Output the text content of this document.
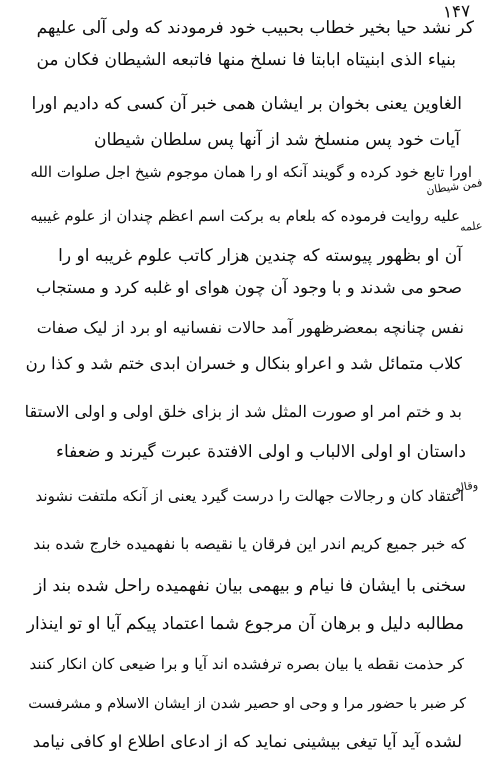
۱۴۷
کر نشد حیا بخیر خطاب بحبیب خود فرمودند که ولی آلی علیهم
بنیاء الذی ابنیتاه ابابتا فا نسلخ منها فاتبعه الشیطان فکان من
الغاوین یعنی بخوان بر ایشان همی خبر آن کسی که دادیم اورا
آیات خود پس منسلخ شد از آنها پس سلطان شیطان
اورا تابع خود کرده و گویند آنکه او را همان موجوم شیخ اجل صلوات الله
علیه روایت فرموده که بلعام به برکت اسم اعظم چندان از علوم غیبیه
آن او بظهور پیوسته که چندین هزار کاتب علوم غریبه او را
صحو می شدند و با وجود آن چون هوای او غلبه کرد و مستجاب
نفس چنانچه بمعضرظهور آمد حالات نفسانیه او برد از لیک صفات
کلاب متمائل شد و اعراو بنکال و خسران ابدی ختم شد و کذا رن
بد و ختم امر او صورت المثل شد از بزای خلق اولی و اولی الاستقا
داستان او اولی الالباب و اولی الافتدة عبرت گیرند و ضعفاء
اعتقاد کان و رجالات جهالت را درست گیرد یعنی از آنکه ملتفت نشوند
که خبر جمیع کریم اندر این فرقان یا نقیصه با نفهمیده خارج شده بند
سخنی با ایشان فا نیام و بیهمی بیان نفهمیده راحل شده بند از
مطالبه دلیل و برهان آن مرجوع شما اعتماد پیکم آیا او تو اینذار
کر حذمت نقطه یا بیان بصره ترفشده اند آیا و برا ضیعی کان انکار کنند
کر ضبر با حضور مرا و وحی او حصیر شدن از ایشان الاسلام و مشرفست
لشده آید آیا تیغی بیشینی نماید که از ادعای اطلاع او کافی نیامد
فمن شیطان
علمه
وقالو
